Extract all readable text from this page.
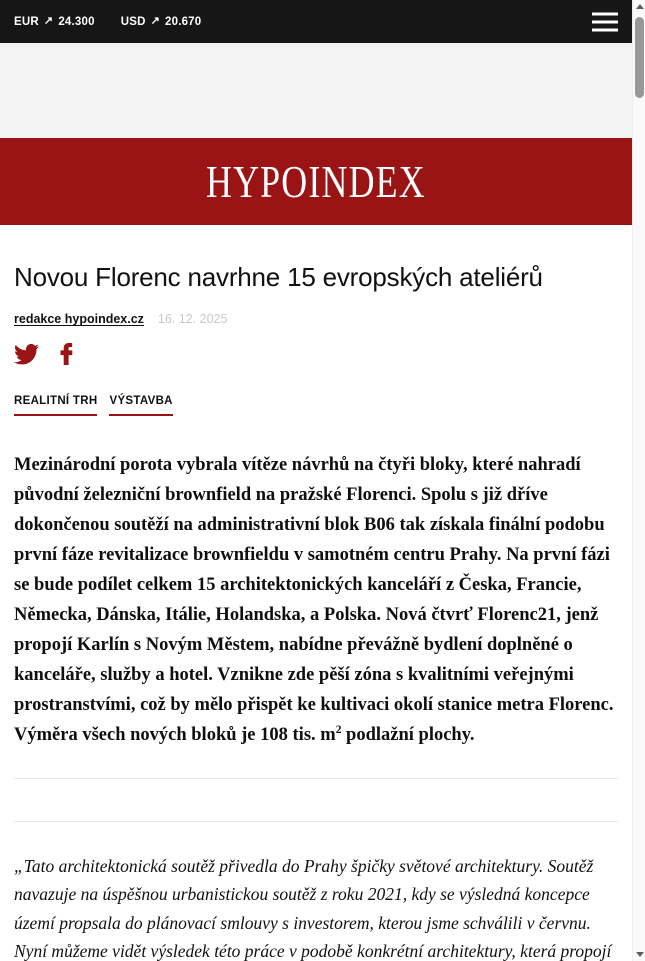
EUR ↗ 24.300 USD ↗ 20.670
HYPOINDEX
Novou Florenc navrhne 15 evropských ateliérů
redakce hypoindex.cz 16. 12. 2025
REALITNÍ TRH VÝSTAVBA

Mezinárodní porota vybrala vítěze návrhů na čtyři bloky, které nahradí původní železniční brownfield na pražské Florenci. Spolu s již dříve dokončenou soutěží na administrativní blok B06 tak získala finální podobu první fáze revitalizace brownfieldu v samotném centru Prahy. Na první fázi se bude podílet celkem 15 architektonických kanceláří z Česka, Francie, Německa, Dánska, Itálie, Holandska, a Polska. Nová čtvrť Florenc21, jenž propojí Karlín s Novým Městem, nabídne převážně bydlení doplněné o kanceláře, služby a hotel. Vznikne zde pěší zóna s kvalitními veřejnými prostranstvími, což by mělo přispět ke kultivaci okolí stanice metra Florenc. Výměra všech nových bloků je 108 tis. $m^2$ podlažní plochy.

„Tato architektonická soutěž přivedla do Prahy špičky světové architektury. Soutěž navazuje na úspěšnou urbanistickou soutěž z roku 2021, kdy se výsledná koncepce území propsala do plánovací smlouvy s investorem, kterou jsme schválili v červnu. Nyní můžeme vidět výsledek této práce v podobě konkrétní architektury, která propojí
